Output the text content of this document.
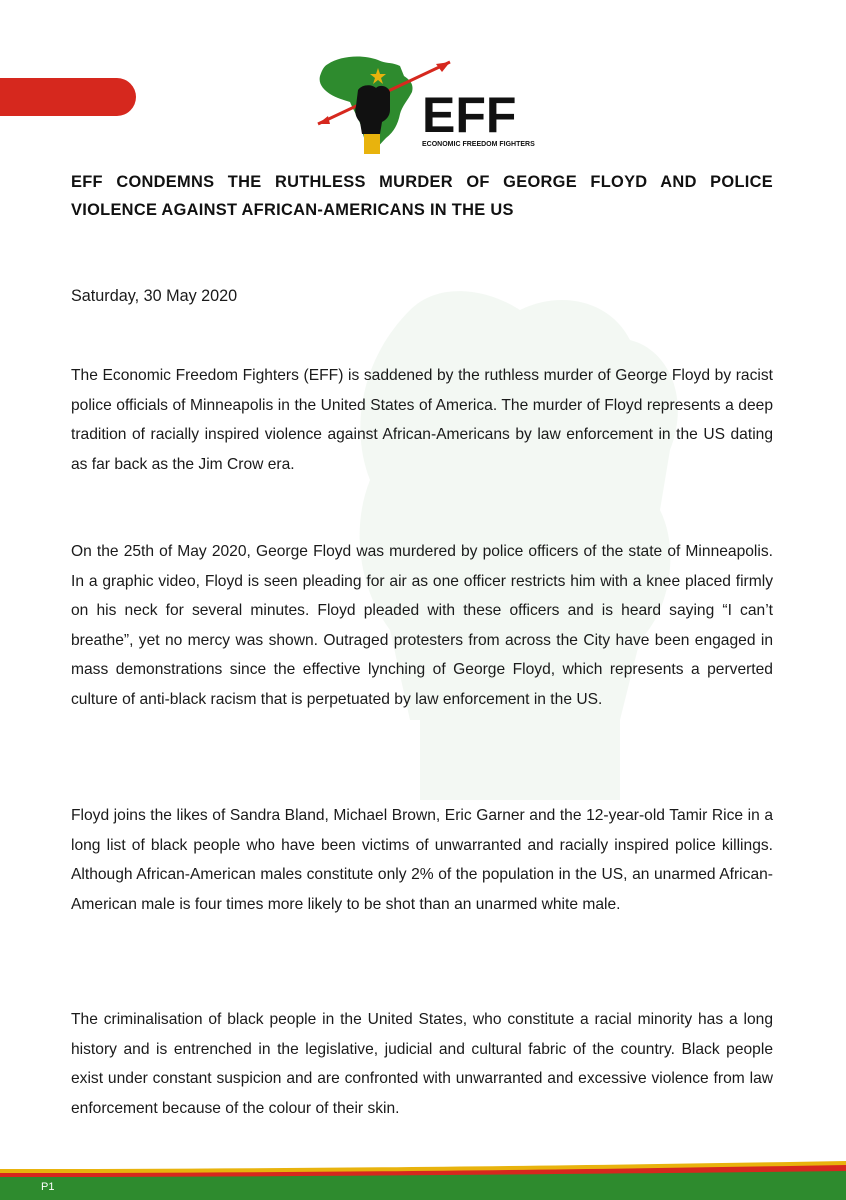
EFF
ECONOMIC FREEDOM FIGHTERS
EFF CONDEMNS THE RUTHLESS MURDER OF GEORGE FLOYD AND POLICE VIOLENCE AGAINST AFRICAN-AMERICANS IN THE US
Saturday, 30 May 2020
The Economic Freedom Fighters (EFF) is saddened by the ruthless murder of George Floyd by racist police officials of Minneapolis in the United States of America. The murder of Floyd represents a deep tradition of racially inspired violence against African-Americans by law enforcement in the US dating as far back as the Jim Crow era.
On the 25th of May 2020, George Floyd was murdered by police officers of the state of Minneapolis. In a graphic video, Floyd is seen pleading for air as one officer restricts him with a knee placed firmly on his neck for several minutes. Floyd pleaded with these officers and is heard saying “I can’t breathe”, yet no mercy was shown. Outraged protesters from across the City have been engaged in mass demonstrations since the effective lynching of George Floyd, which represents a perverted culture of anti-black racism that is perpetuated by law enforcement in the US.
Floyd joins the likes of Sandra Bland, Michael Brown, Eric Garner and the 12-year-old Tamir Rice in a long list of black people who have been victims of unwarranted and racially inspired police killings. Although African-American males constitute only 2% of the population in the US, an unarmed African-American male is four times more likely to be shot than an unarmed white male.
The criminalisation of black people in the United States, who constitute a racial minority has a long history and is entrenched in the legislative, judicial and cultural fabric of the country. Black people exist under constant suspicion and are confronted with unwarranted and excessive violence from law enforcement because of the colour of their skin.
P1
